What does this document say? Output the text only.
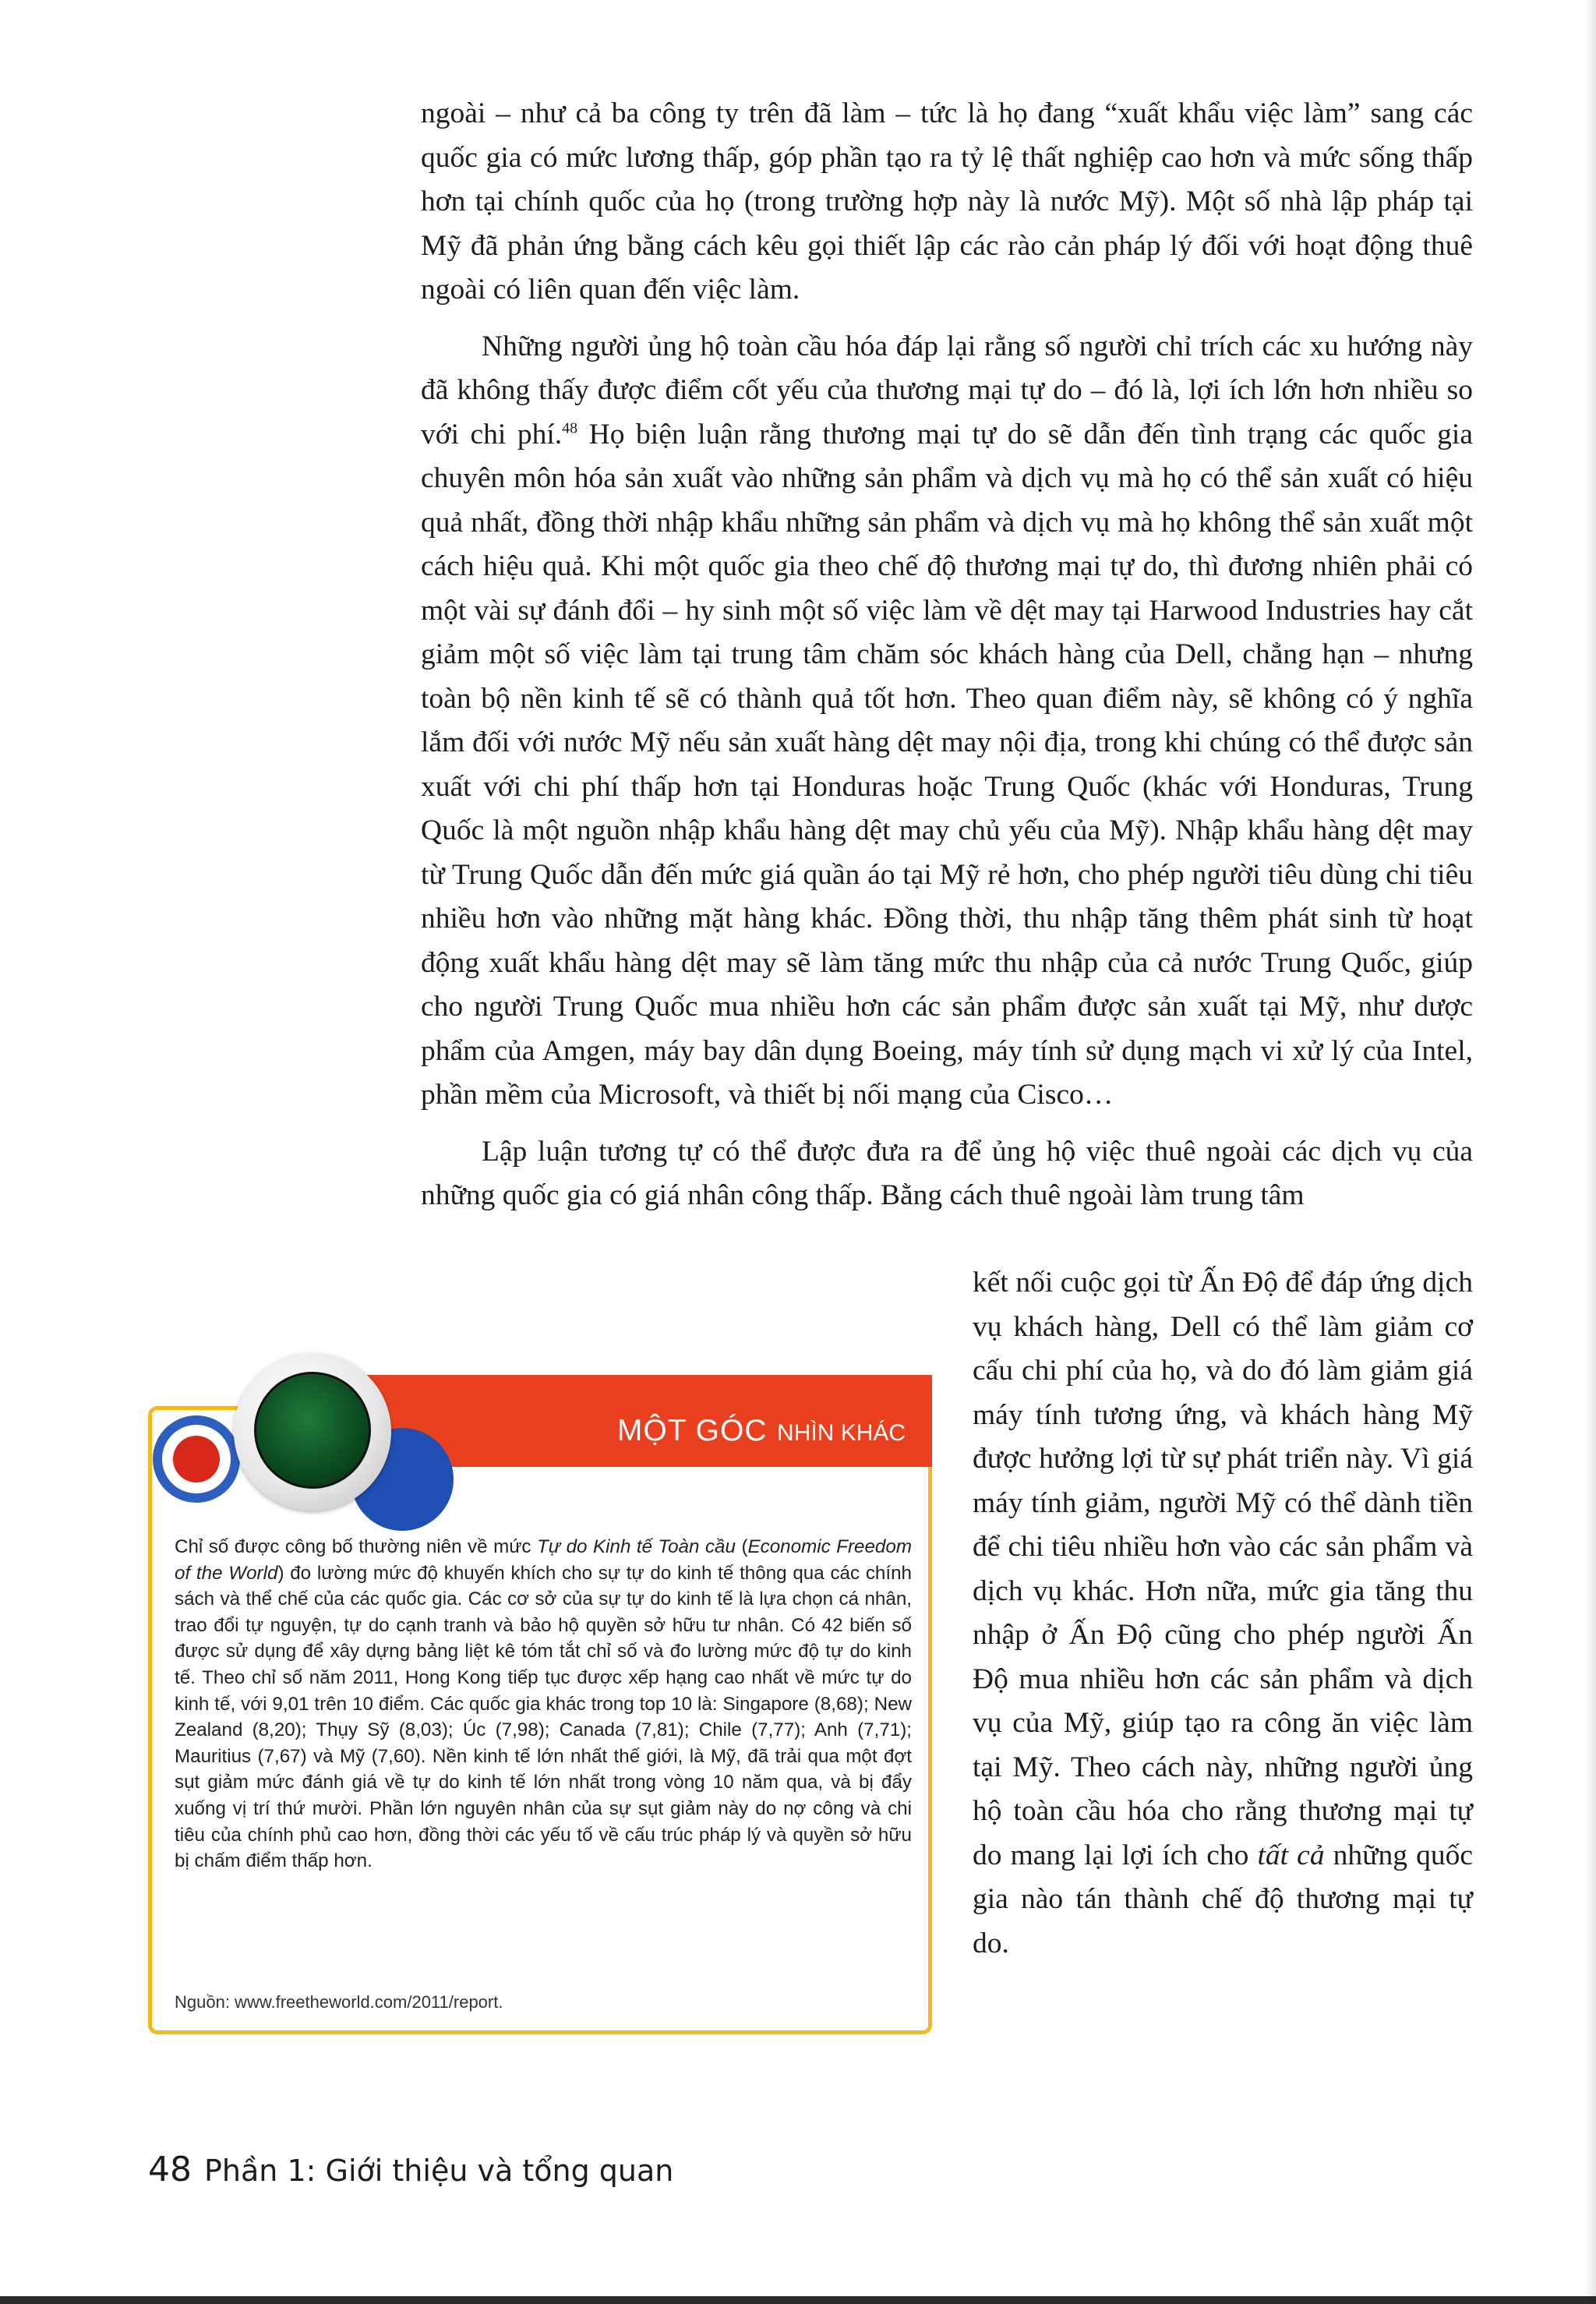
ngoài – như cả ba công ty trên đã làm – tức là họ đang “xuất khẩu việc làm” sang các quốc gia có mức lương thấp, góp phần tạo ra tỷ lệ thất nghiệp cao hơn và mức sống thấp hơn tại chính quốc của họ (trong trường hợp này là nước Mỹ). Một số nhà lập pháp tại Mỹ đã phản ứng bằng cách kêu gọi thiết lập các rào cản pháp lý đối với hoạt động thuê ngoài có liên quan đến việc làm.

Những người ủng hộ toàn cầu hóa đáp lại rằng số người chỉ trích các xu hướng này đã không thấy được điểm cốt yếu của thương mại tự do – đó là, lợi ích lớn hơn nhiều so với chi phí.$^{48}$ Họ biện luận rằng thương mại tự do sẽ dẫn đến tình trạng các quốc gia chuyên môn hóa sản xuất vào những sản phẩm và dịch vụ mà họ có thể sản xuất có hiệu quả nhất, đồng thời nhập khẩu những sản phẩm và dịch vụ mà họ không thể sản xuất một cách hiệu quả. Khi một quốc gia theo chế độ thương mại tự do, thì đương nhiên phải có một vài sự đánh đổi – hy sinh một số việc làm về dệt may tại Harwood Industries hay cắt giảm một số việc làm tại trung tâm chăm sóc khách hàng của Dell, chẳng hạn – nhưng toàn bộ nền kinh tế sẽ có thành quả tốt hơn. Theo quan điểm này, sẽ không có ý nghĩa lắm đối với nước Mỹ nếu sản xuất hàng dệt may nội địa, trong khi chúng có thể được sản xuất với chi phí thấp hơn tại Honduras hoặc Trung Quốc (khác với Honduras, Trung Quốc là một nguồn nhập khẩu hàng dệt may chủ yếu của Mỹ). Nhập khẩu hàng dệt may từ Trung Quốc dẫn đến mức giá quần áo tại Mỹ rẻ hơn, cho phép người tiêu dùng chi tiêu nhiều hơn vào những mặt hàng khác. Đồng thời, thu nhập tăng thêm phát sinh từ hoạt động xuất khẩu hàng dệt may sẽ làm tăng mức thu nhập của cả nước Trung Quốc, giúp cho người Trung Quốc mua nhiều hơn các sản phẩm được sản xuất tại Mỹ, như dược phẩm của Amgen, máy bay dân dụng Boeing, máy tính sử dụng mạch vi xử lý của Intel, phần mềm của Microsoft, và thiết bị nối mạng của Cisco…

Lập luận tương tự có thể được đưa ra để ủng hộ việc thuê ngoài các dịch vụ của những quốc gia có giá nhân công thấp. Bằng cách thuê ngoài làm trung tâm

kết nối cuộc gọi từ Ấn Độ để đáp ứng dịch vụ khách hàng, Dell có thể làm giảm cơ cấu chi phí của họ, và do đó làm giảm giá máy tính tương ứng, và khách hàng Mỹ được hưởng lợi từ sự phát triển này. Vì giá máy tính giảm, người Mỹ có thể dành tiền để chi tiêu nhiều hơn vào các sản phẩm và dịch vụ khác. Hơn nữa, mức gia tăng thu nhập ở Ấn Độ cũng cho phép người Ấn Độ mua nhiều hơn các sản phẩm và dịch vụ của Mỹ, giúp tạo ra công ăn việc làm tại Mỹ. Theo cách này, những người ủng hộ toàn cầu hóa cho rằng thương mại tự do mang lại lợi ích cho tất cả những quốc gia nào tán thành chế độ thương mại tự do.

MỘT GÓC NHÌN KHÁC

Chỉ số được công bố thường niên về mức Tự do Kinh tế Toàn cầu (Economic Freedom of the World) đo lường mức độ khuyến khích cho sự tự do kinh tế thông qua các chính sách và thể chế của các quốc gia. Các cơ sở của sự tự do kinh tế là lựa chọn cá nhân, trao đổi tự nguyện, tự do cạnh tranh và bảo hộ quyền sở hữu tư nhân. Có 42 biến số được sử dụng để xây dựng bảng liệt kê tóm tắt chỉ số và đo lường mức độ tự do kinh tế. Theo chỉ số năm 2011, Hong Kong tiếp tục được xếp hạng cao nhất về mức tự do kinh tế, với 9,01 trên 10 điểm. Các quốc gia khác trong top 10 là: Singapore (8,68); New Zealand (8,20); Thụy Sỹ (8,03); Úc (7,98); Canada (7,81); Chile (7,77); Anh (7,71); Mauritius (7,67) và Mỹ (7,60). Nền kinh tế lớn nhất thế giới, là Mỹ, đã trải qua một đợt sụt giảm mức đánh giá về tự do kinh tế lớn nhất trong vòng 10 năm qua, và bị đẩy xuống vị trí thứ mười. Phần lớn nguyên nhân của sự sụt giảm này do nợ công và chi tiêu của chính phủ cao hơn, đồng thời các yếu tố về cấu trúc pháp lý và quyền sở hữu bị chấm điểm thấp hơn.

Nguồn: www.freetheworld.com/2011/report.

48 Phần 1: Giới thiệu và tổng quan
